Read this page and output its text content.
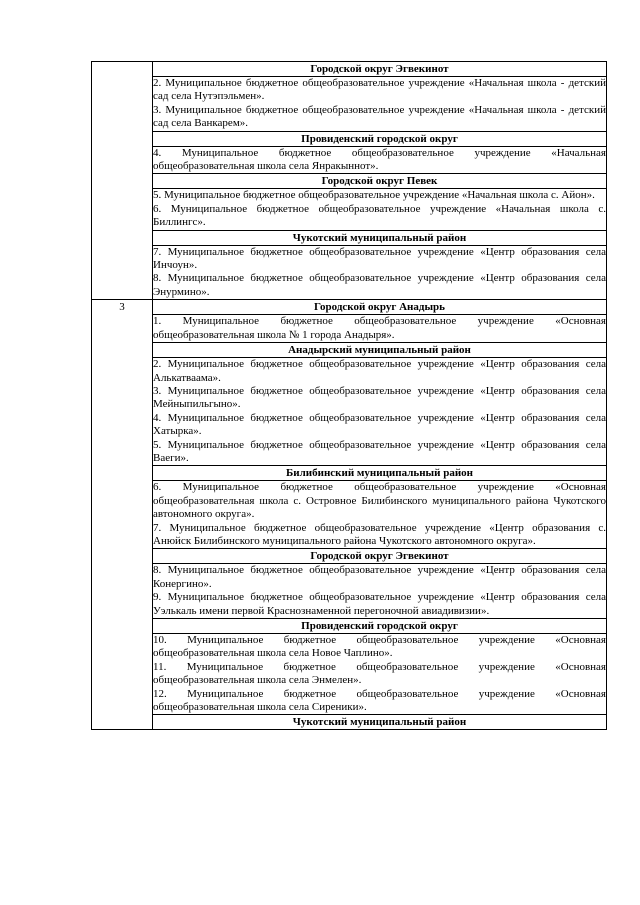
	Городской округ Эгвекинот

	2. Муниципальное бюджетное общеобразовательное учреждение «Начальная школа - детский сад села Нутэпэльмен».
3. Муниципальное бюджетное общеобразовательное учреждение «Начальная школа - детский сад села Ванкарем».

	Провиденский городской округ

	4. Муниципальное бюджетное общеобразовательное учреждение «Начальная общеобразовательная школа села Янракыннот».

	Городской округ Певек

	5. Муниципальное бюджетное общеобразовательное учреждение «Начальная школа с. Айон».
6. Муниципальное бюджетное общеобразовательное учреждение «Начальная школа с. Биллингс».

	Чукотский муниципальный район

	7. Муниципальное бюджетное общеобразовательное учреждение «Центр образования села Инчоун».
8. Муниципальное бюджетное общеобразовательное учреждение «Центр образования села Энурмино».

3	Городской округ Анадырь

	1. Муниципальное бюджетное общеобразовательное учреждение «Основная общеобразовательная школа № 1 города Анадыря».

	Анадырский муниципальный район

	2. Муниципальное бюджетное общеобразовательное учреждение «Центр образования села Алькатваама».
3. Муниципальное бюджетное общеобразовательное учреждение «Центр образования села Мейныпильгыно».
4. Муниципальное бюджетное общеобразовательное учреждение «Центр образования села Хатырка».
5. Муниципальное бюджетное общеобразовательное учреждение «Центр образования села Ваеги».

	Билибинский муниципальный район

	6. Муниципальное бюджетное общеобразовательное учреждение «Основная общеобразовательная школа с. Островное Билибинского муниципального района Чукотского автономного округа».
7. Муниципальное бюджетное общеобразовательное учреждение «Центр образования с. Анюйск Билибинского муниципального района Чукотского автономного округа».

	Городской округ Эгвекинот

	8. Муниципальное бюджетное общеобразовательное учреждение «Центр образования села Конергино».
9. Муниципальное бюджетное общеобразовательное учреждение «Центр образования села Уэлькаль имени первой Краснознаменной перегоночной авиадивизии».

	Провиденский городской округ

	10. Муниципальное бюджетное общеобразовательное учреждение «Основная общеобразовательная школа села Новое Чаплино».
11. Муниципальное бюджетное общеобразовательное учреждение «Основная общеобразовательная школа села Энмелен».
12. Муниципальное бюджетное общеобразовательное учреждение «Основная общеобразовательная школа села Сиреники».

	Чукотский муниципальный район
